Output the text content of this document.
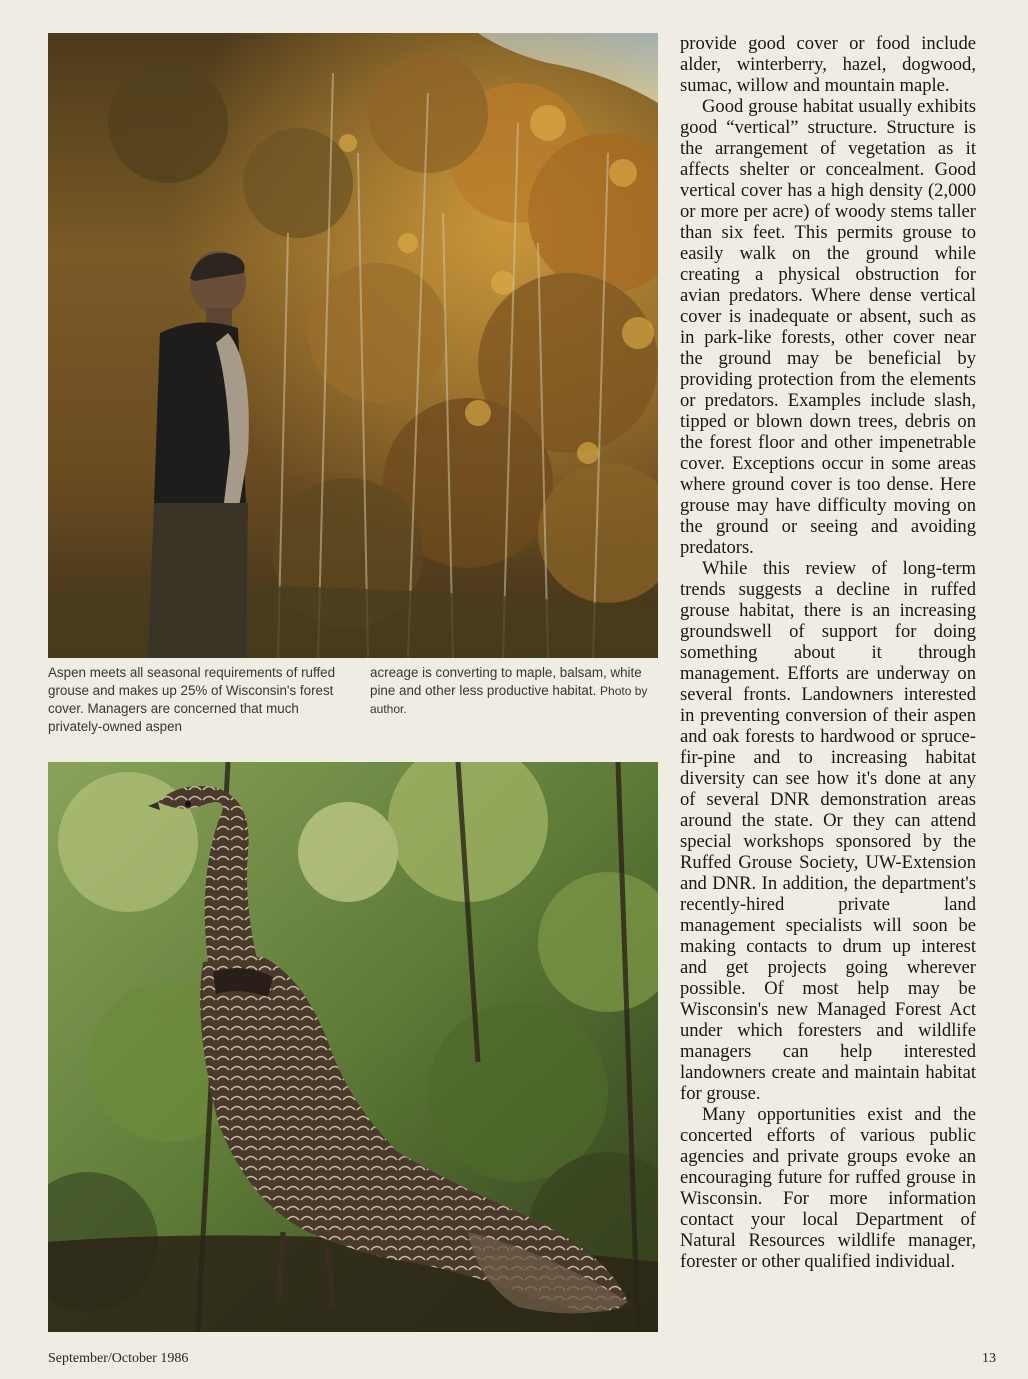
Aspen meets all seasonal requirements of ruffed grouse and makes up 25% of Wisconsin's forest cover. Managers are concerned that much privately-owned aspen

acreage is converting to maple, balsam, white pine and other less productive habitat. Photo by author.

provide good cover or food include alder, winterberry, hazel, dogwood, sumac, willow and mountain maple.

Good grouse habitat usually exhibits good “vertical” structure. Structure is the arrangement of vegetation as it affects shelter or concealment. Good vertical cover has a high density (2,000 or more per acre) of woody stems taller than six feet. This permits grouse to easily walk on the ground while creating a physical obstruction for avian predators. Where dense vertical cover is inadequate or absent, such as in park-like forests, other cover near the ground may be beneficial by providing protection from the elements or predators. Examples include slash, tipped or blown down trees, debris on the forest floor and other impenetrable cover. Exceptions occur in some areas where ground cover is too dense. Here grouse may have difficulty moving on the ground or seeing and avoiding predators.

While this review of long-term trends suggests a decline in ruffed grouse habitat, there is an increasing groundswell of support for doing something about it through management. Efforts are underway on several fronts. Landowners interested in preventing conversion of their aspen and oak forests to hardwood or spruce-fir-pine and to increasing habitat diversity can see how it's done at any of several DNR demonstration areas around the state. Or they can attend special workshops sponsored by the Ruffed Grouse Society, UW-Extension and DNR. In addition, the department's recently-hired private land management specialists will soon be making contacts to drum up interest and get projects going wherever possible. Of most help may be Wisconsin's new Managed Forest Act under which foresters and wildlife managers can help interested landowners create and maintain habitat for grouse.

Many opportunities exist and the concerted efforts of various public agencies and private groups evoke an encouraging future for ruffed grouse in Wisconsin. For more information contact your local Department of Natural Resources wildlife manager, forester or other qualified individual.

September/October 1986	13
